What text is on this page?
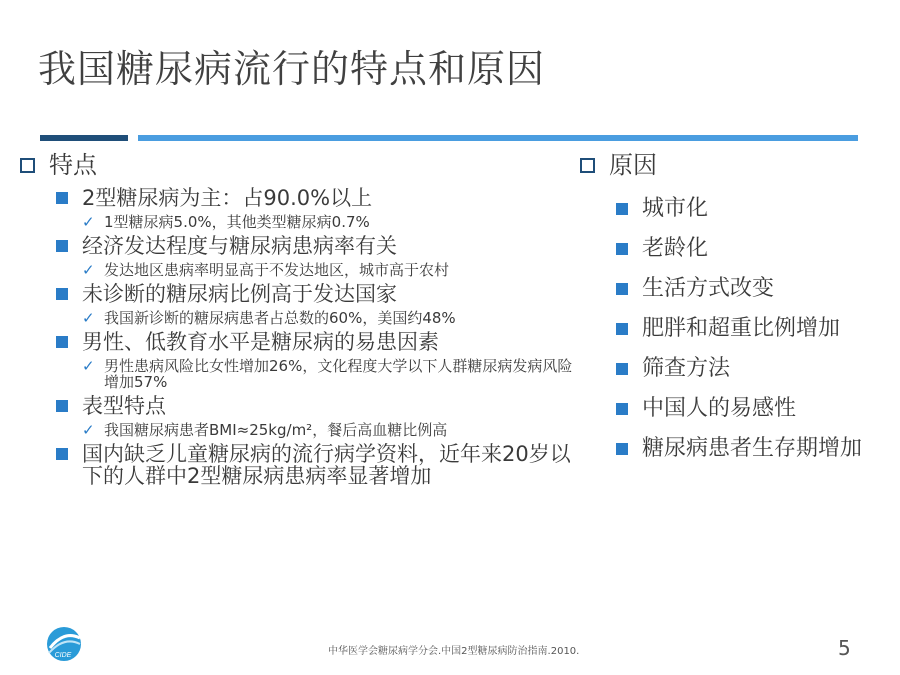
我国糖尿病流行的特点和原因
特点
2型糖尿病为主：占90.0%以上
✓ 1型糖尿病5.0%，其他类型糖尿病0.7%
经济发达程度与糖尿病患病率有关
✓ 发达地区患病率明显高于不发达地区，城市高于农村
未诊断的糖尿病比例高于发达国家
✓ 我国新诊断的糖尿病患者占总数的60%，美国约48%
男性、低教育水平是糖尿病的易患因素
✓ 男性患病风险比女性增加26%，文化程度大学以下人群糖尿病发病风险增加57%
表型特点
✓ 我国糖尿病患者BMI≈25kg/m²，餐后高血糖比例高
国内缺乏儿童糖尿病的流行病学资料，近年来20岁以下的人群中2型糖尿病患病率显著增加
原因
城市化
老龄化
生活方式改变
肥胖和超重比例增加
筛查方法
中国人的易感性
糖尿病患者生存期增加
CIDE	中华医学会糖尿病学分会.中国2型糖尿病防治指南.2010.	5
